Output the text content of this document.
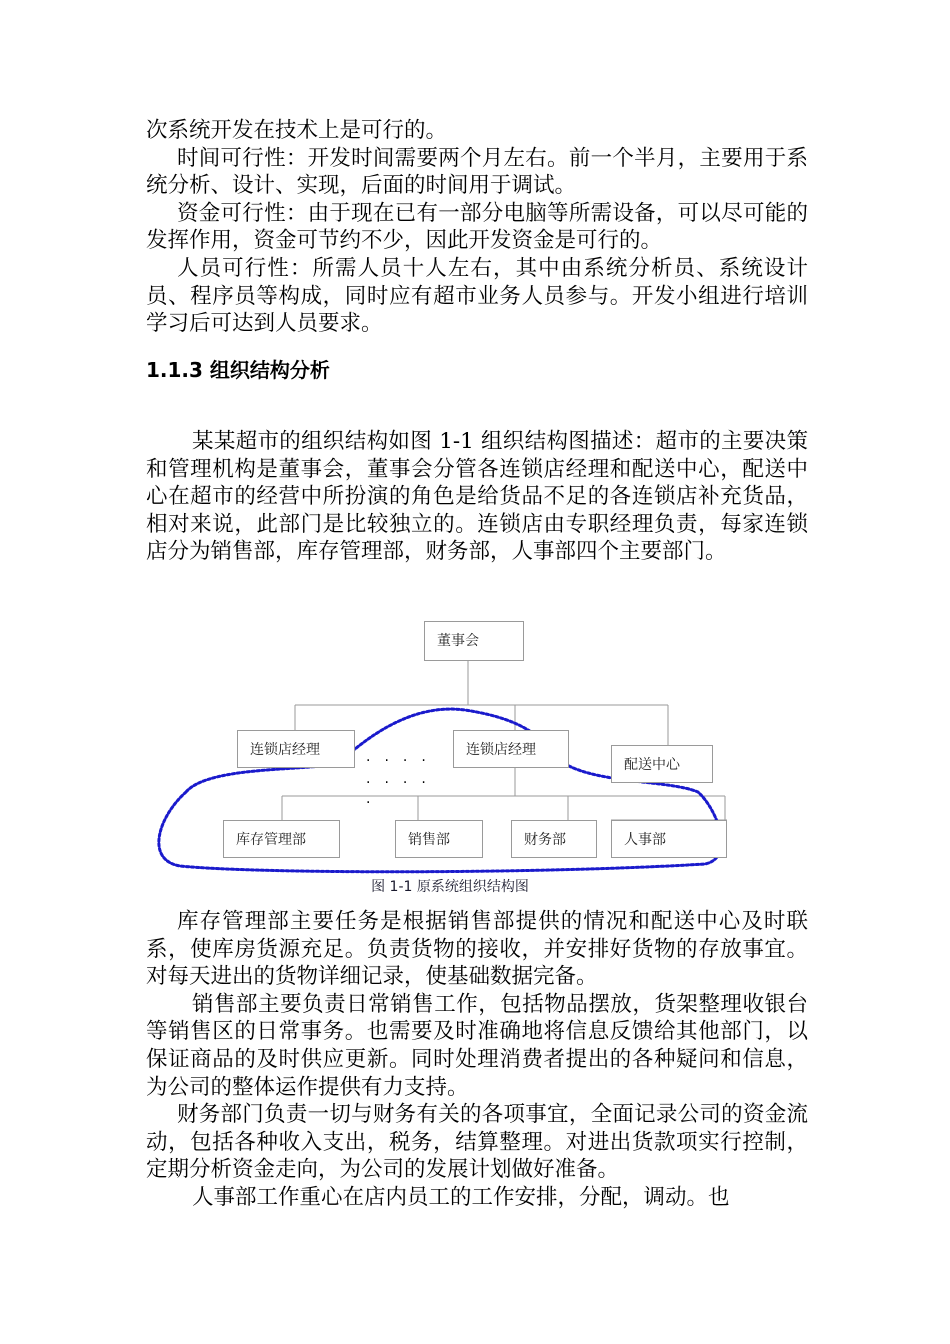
次系统开发在技术上是可行的。

时间可行性：开发时间需要两个月左右。前一个半月，主要用于系统分析、设计、实现，后面的时间用于调试。

资金可行性：由于现在已有一部分电脑等所需设备，可以尽可能的发挥作用，资金可节约不少，因此开发资金是可行的。

人员可行性：所需人员十人左右，其中由系统分析员、系统设计员、程序员等构成，同时应有超市业务人员参与。开发小组进行培训学习后可达到人员要求。

1.1.3 组织结构分析

某某超市的组织结构如图 1-1 组织结构图描述：超市的主要决策和管理机构是董事会，董事会分管各连锁店经理和配送中心，配送中心在超市的经营中所扮演的角色是给货品不足的各连锁店补充货品，相对来说，此部门是比较独立的。连锁店由专职经理负责，每家连锁店分为销售部，库存管理部，财务部，人事部四个主要部门。

董事会
连锁店经理	连锁店经理
配送中心
....
....
.
库存管理部	销售部	财务部	人事部
图 1-1 原系统组织结构图

库存管理部主要任务是根据销售部提供的情况和配送中心及时联系，使库房货源充足。负责货物的接收，并安排好货物的存放事宜。对每天进出的货物详细记录，使基础数据完备。

销售部主要负责日常销售工作，包括物品摆放，货架整理收银台等销售区的日常事务。也需要及时准确地将信息反馈给其他部门，以保证商品的及时供应更新。同时处理消费者提出的各种疑问和信息，为公司的整体运作提供有力支持。

财务部门负责一切与财务有关的各项事宜，全面记录公司的资金流动，包括各种收入支出，税务，结算整理。对进出货款项实行控制，定期分析资金走向，为公司的发展计划做好准备。

人事部工作重心在店内员工的工作安排，分配，调动。也
